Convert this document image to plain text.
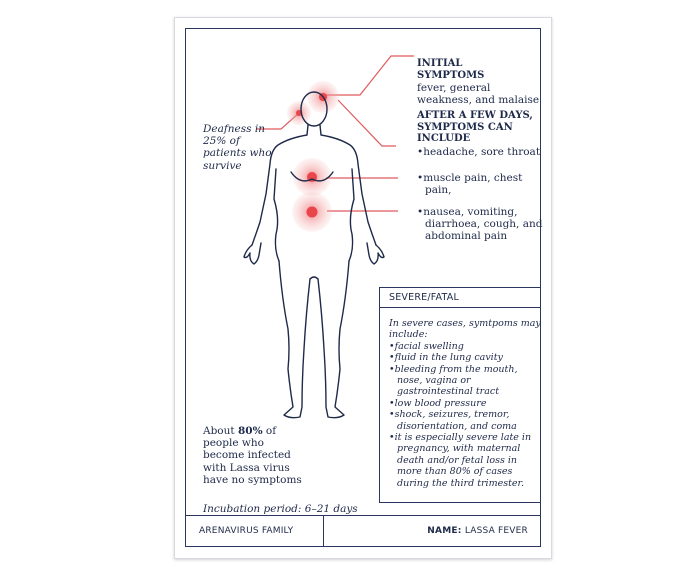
Deafness in
25% of
patients who
survive
INITIAL
SYMPTOMS
fever, general
weakness, and malaise
AFTER A FEW DAYS,
SYMPTOMS CAN
INCLUDE
• headache, sore throat
• muscle pain, chest
pain,
• nausea, vomiting,
diarrhoea, cough, and
abdominal pain
SEVERE/FATAL
In severe cases, symtpoms may
include:
• facial swelling
• fluid in the lung cavity
• bleeding from the mouth,
nose, vagina or
gastrointestinal tract
• low blood pressure
• shock, seizures, tremor,
disorientation, and coma
• it is especially severe late in
pregnancy, with maternal
death and/or fetal loss in
more than 80% of cases
during the third trimester.
About 80% of
people who
become infected
with Lassa virus
have no symptoms
Incubation period: 6–21 days
ARENAVIRUS FAMILY	NAME: LASSA FEVER
